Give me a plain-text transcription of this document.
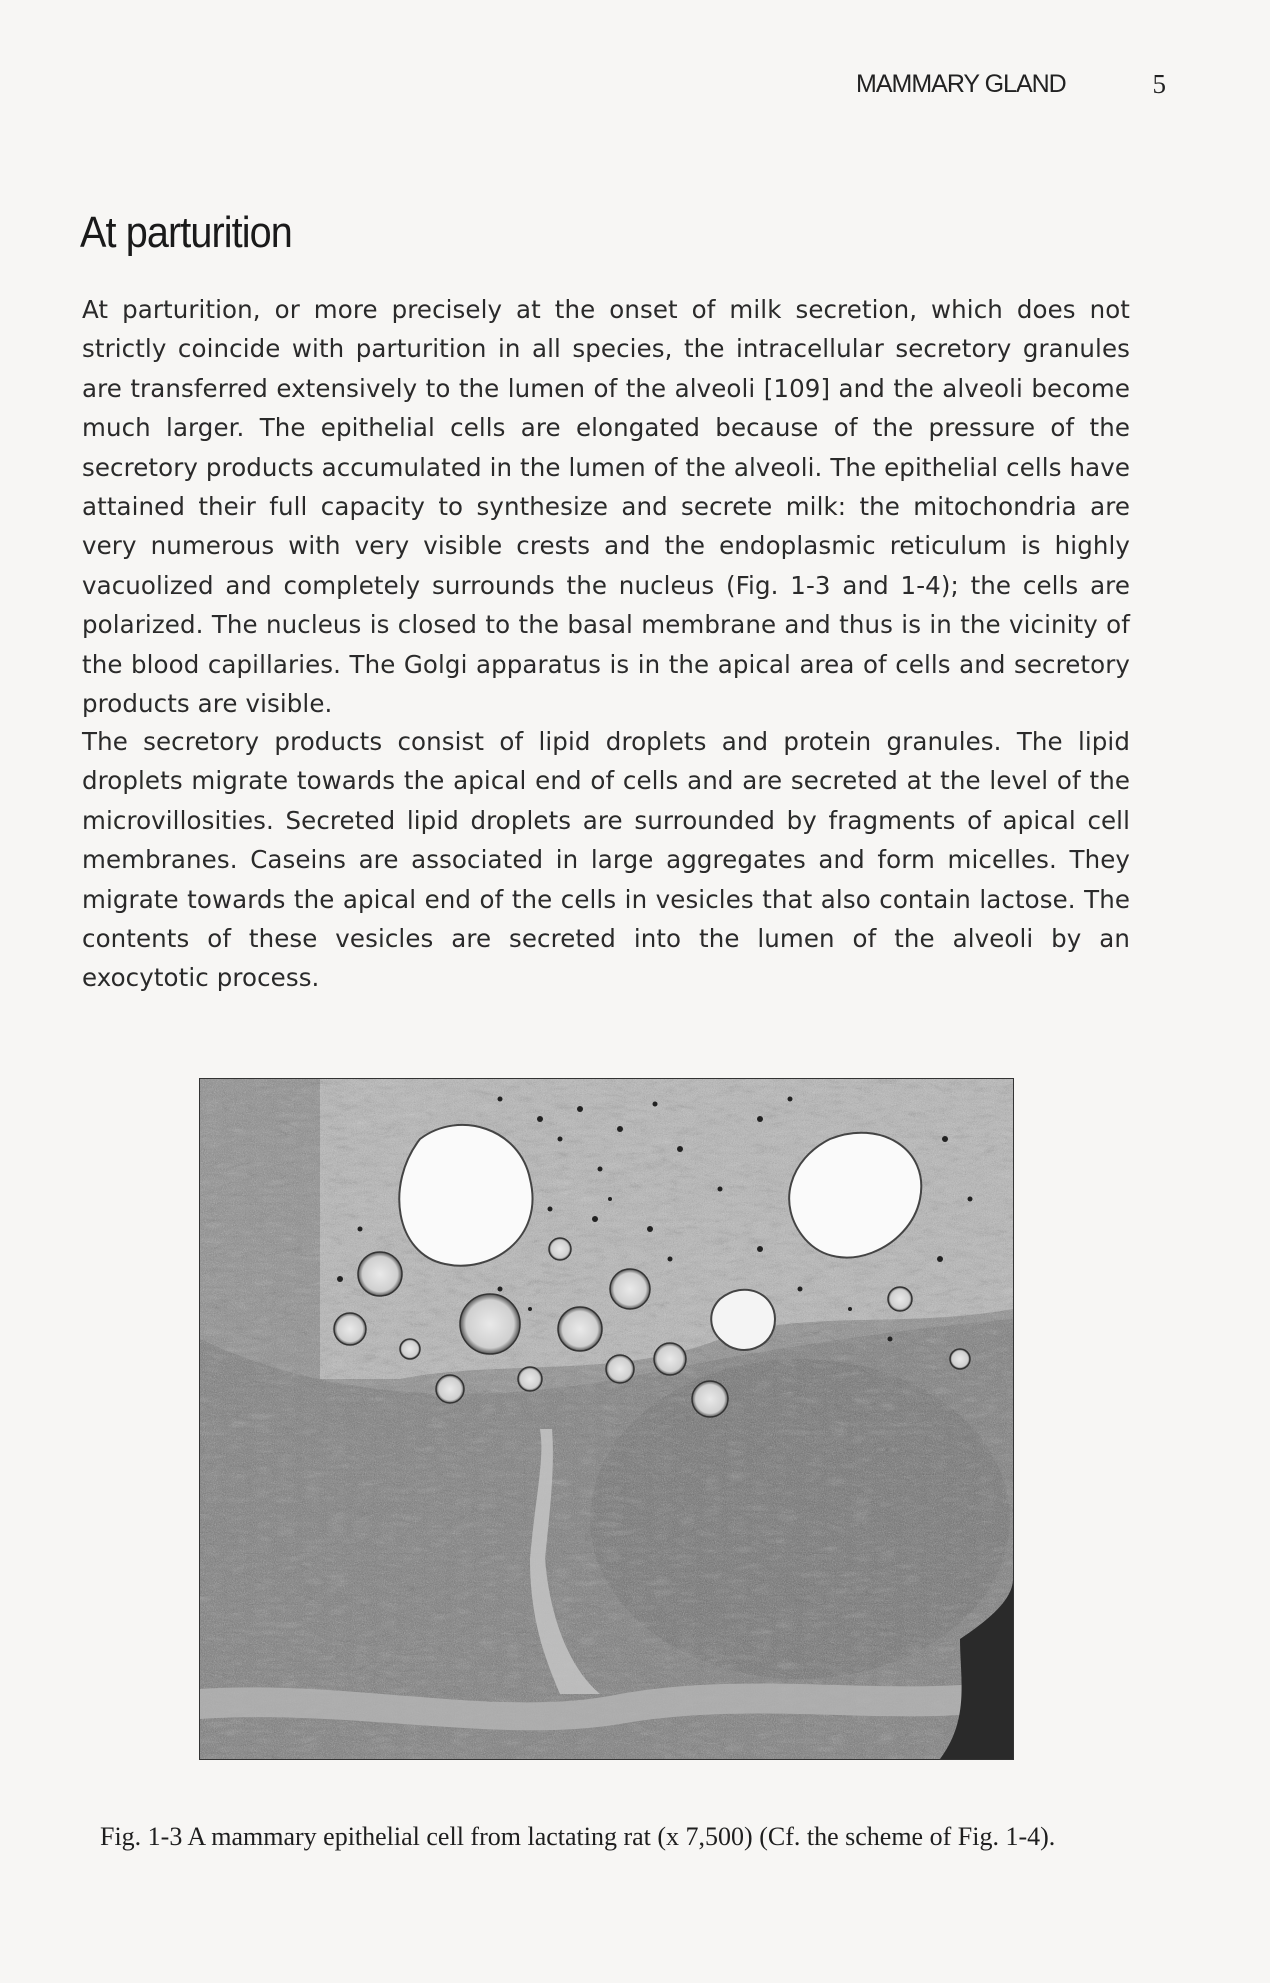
MAMMARY GLAND	5
At parturition

At parturition, or more precisely at the onset of milk secretion, which does not strictly coincide with parturition in all species, the intracellular secretory granules are transferred extensively to the lumen of the alveoli [109] and the alveoli become much larger. The epithelial cells are elongated because of the pressure of the secretory products accumulated in the lumen of the alveoli. The epithelial cells have attained their full capacity to synthesize and secrete milk: the mitochondria are very numerous with very visible crests and the endoplasmic reticulum is highly vacuolized and completely surrounds the nucleus (Fig. 1-3 and 1-4); the cells are polarized. The nucleus is closed to the basal membrane and thus is in the vicinity of the blood capillaries. The Golgi apparatus is in the apical area of cells and secretory products are visible.

The secretory products consist of lipid droplets and protein granules. The lipid droplets migrate towards the apical end of cells and are secreted at the level of the microvillosities. Secreted lipid droplets are surrounded by fragments of apical cell membranes. Caseins are associated in large aggregates and form micelles. They migrate towards the apical end of the cells in vesicles that also contain lactose. The contents of these vesicles are secreted into the lumen of the alveoli by an exocytotic process.

Fig. 1-3 A mammary epithelial cell from lactating rat (x 7,500) (Cf. the scheme of Fig. 1-4).
